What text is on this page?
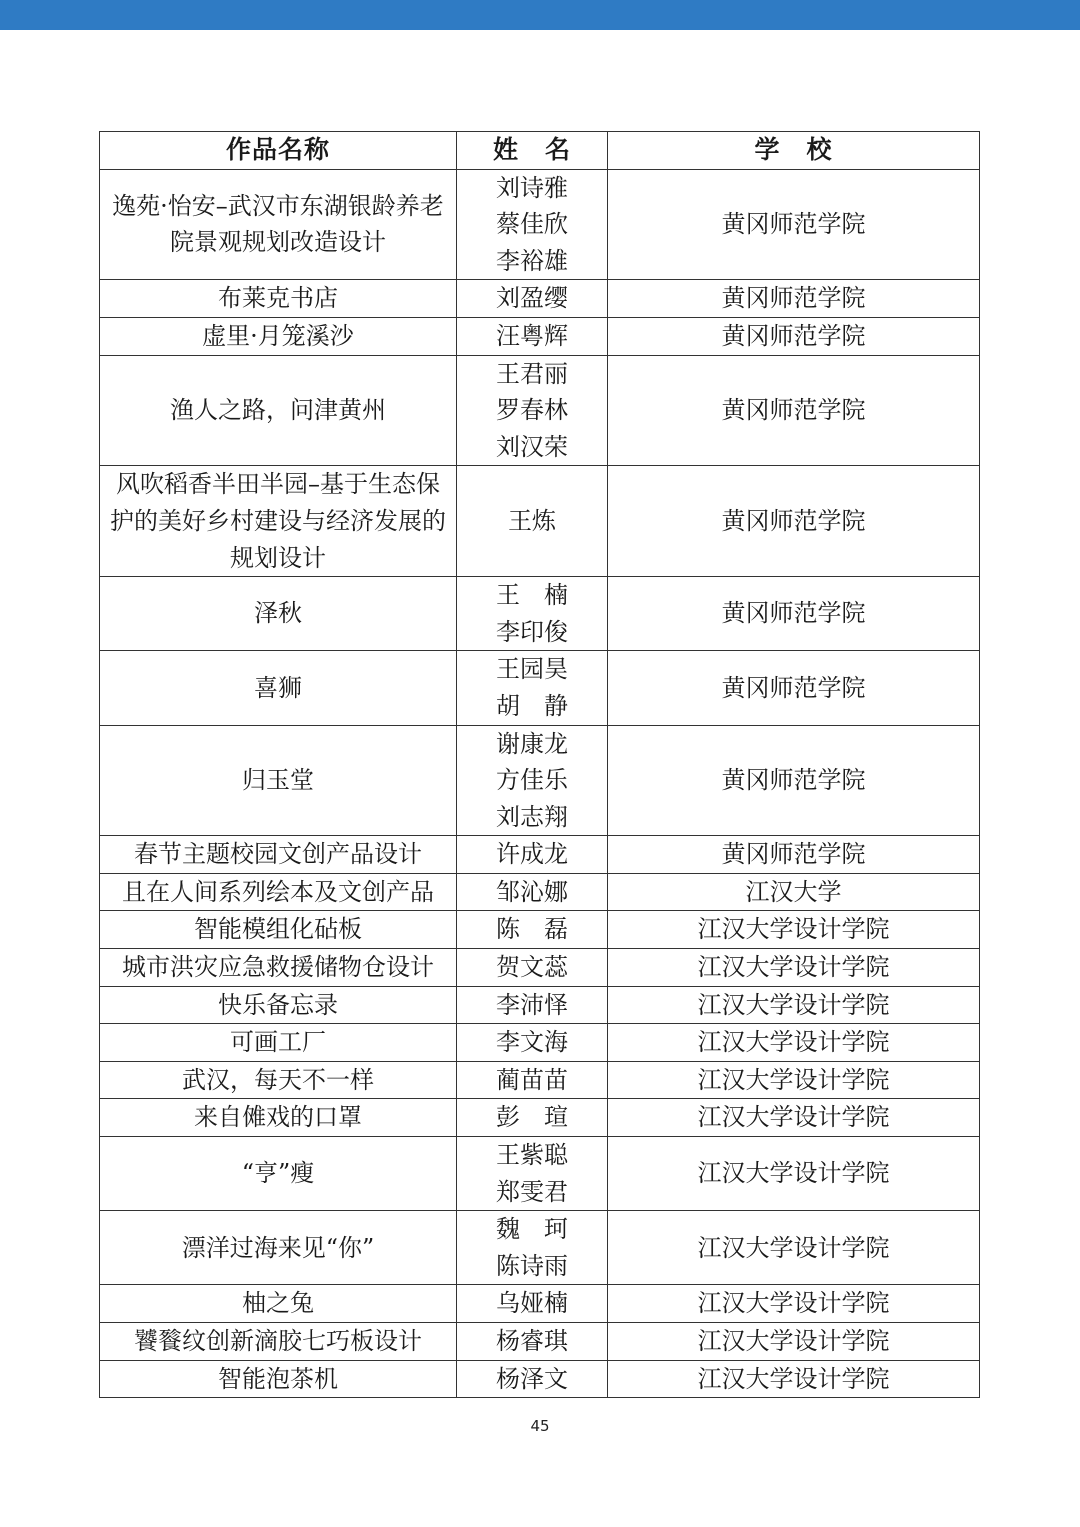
作品名称	姓　名	学　校
逸苑·怡安–武汉市东湖银龄养老院景观规划改造设计	刘诗雅
蔡佳欣
李裕雄	黄冈师范学院
布莱克书店	刘盈缨	黄冈师范学院
虚里·月笼溪沙	汪粤辉	黄冈师范学院
渔人之路，问津黄州	王君丽
罗春林
刘汉荣	黄冈师范学院
风吹稻香半田半园–基于生态保护的美好乡村建设与经济发展的规划设计	王炼	黄冈师范学院
泽秋	王　楠
李印俊	黄冈师范学院
喜狮	王园昊
胡　静	黄冈师范学院
归玉堂	谢康龙
方佳乐
刘志翔	黄冈师范学院
春节主题校园文创产品设计	许成龙	黄冈师范学院
且在人间系列绘本及文创产品	邹沁娜	江汉大学
智能模组化砧板	陈　磊	江汉大学设计学院
城市洪灾应急救援储物仓设计	贺文蕊	江汉大学设计学院
快乐备忘录	李沛怿	江汉大学设计学院
可画工厂	李文海	江汉大学设计学院
武汉，每天不一样	蔺苗苗	江汉大学设计学院
来自傩戏的口罩	彭　瑄	江汉大学设计学院
“亨”瘦	王紫聪
郑雯君	江汉大学设计学院
漂洋过海来见“你”	魏　珂
陈诗雨	江汉大学设计学院
柚之兔	乌娅楠	江汉大学设计学院
饕餮纹创新滴胶七巧板设计	杨睿琪	江汉大学设计学院
智能泡茶机	杨泽文	江汉大学设计学院
45
